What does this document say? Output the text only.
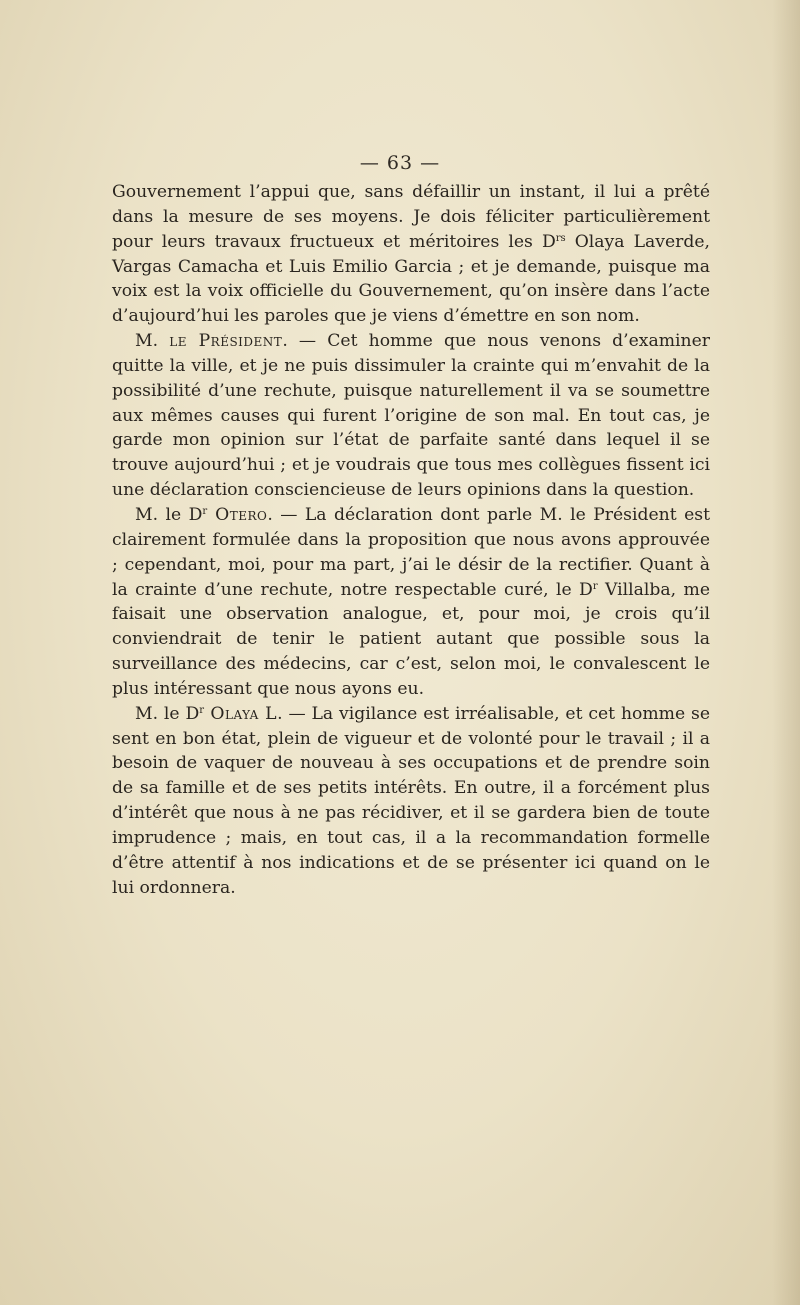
— 63 —

Gouvernement l’appui que, sans défaillir un instant, il lui a prêté dans la mesure de ses moyens. Je dois féliciter particulièrement pour leurs travaux fructueux et méritoires les $D^{rs}$ Olaya Laverde, Vargas Camacha et Luis Emilio Garcia ; et je demande, puisque ma voix est la voix officielle du Gouvernement, qu’on insère dans l’acte d’aujourd’hui les paroles que je viens d’émettre en son nom.

M. le Président. — Cet homme que nous venons d’examiner quitte la ville, et je ne puis dissimuler la crainte qui m’envahit de la possibilité d’une rechute, puisque naturellement il va se soumettre aux mêmes causes qui furent l’origine de son mal. En tout cas, je garde mon opinion sur l’état de parfaite santé dans lequel il se trouve aujourd’hui ; et je voudrais que tous mes collègues fissent ici une déclaration consciencieuse de leurs opinions dans la question.

M. le $D^r$ Otero. — La déclaration dont parle M. le Président est clairement formulée dans la proposition que nous avons approuvée ; cependant, moi, pour ma part, j’ai le désir de la rectifier. Quant à la crainte d’une rechute, notre respectable curé, le $D^r$ Villalba, me faisait une observation analogue, et, pour moi, je crois qu’il conviendrait de tenir le patient autant que possible sous la surveillance des médecins, car c’est, selon moi, le convalescent le plus intéressant que nous ayons eu.

M. le $D^r$ Olaya L. — La vigilance est irréalisable, et cet homme se sent en bon état, plein de vigueur et de volonté pour le travail ; il a besoin de vaquer de nouveau à ses occupations et de prendre soin de sa famille et de ses petits intérêts. En outre, il a forcément plus d’intérêt que nous à ne pas récidiver, et il se gardera bien de toute imprudence ; mais, en tout cas, il a la recommandation formelle d’être attentif à nos indications et de se présenter ici quand on le lui ordonnera.
